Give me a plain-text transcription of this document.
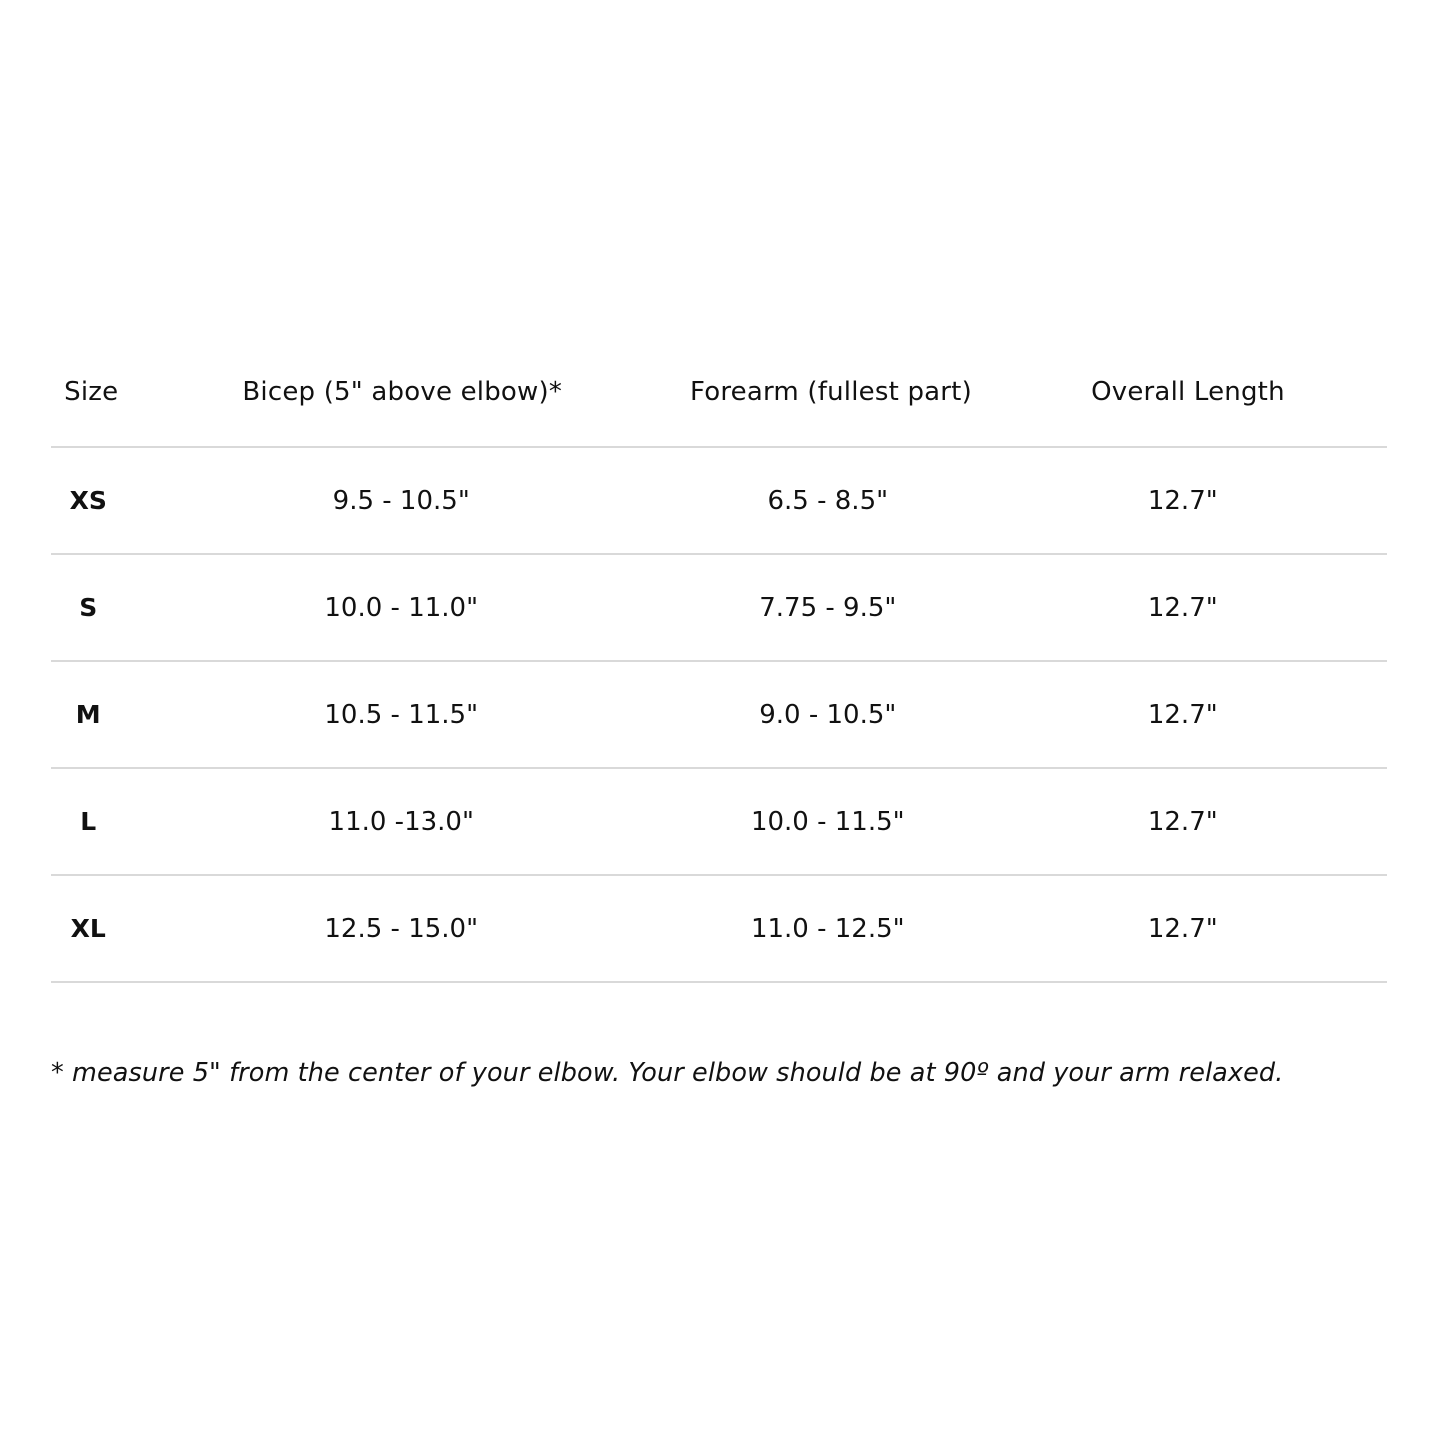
Size	Bicep (5" above elbow)*	Forearm (fullest part)	Overall Length
XS	9.5 - 10.5"	6.5 - 8.5"	12.7"
S	10.0 - 11.0"	7.75 - 9.5"	12.7"
M	10.5 - 11.5"	9.0 - 10.5"	12.7"
L	11.0 -13.0"	10.0 - 11.5"	12.7"
XL	12.5 - 15.0"	11.0 - 12.5"	12.7"
* measure 5" from the center of your elbow. Your elbow should be at 90º and your arm relaxed.
